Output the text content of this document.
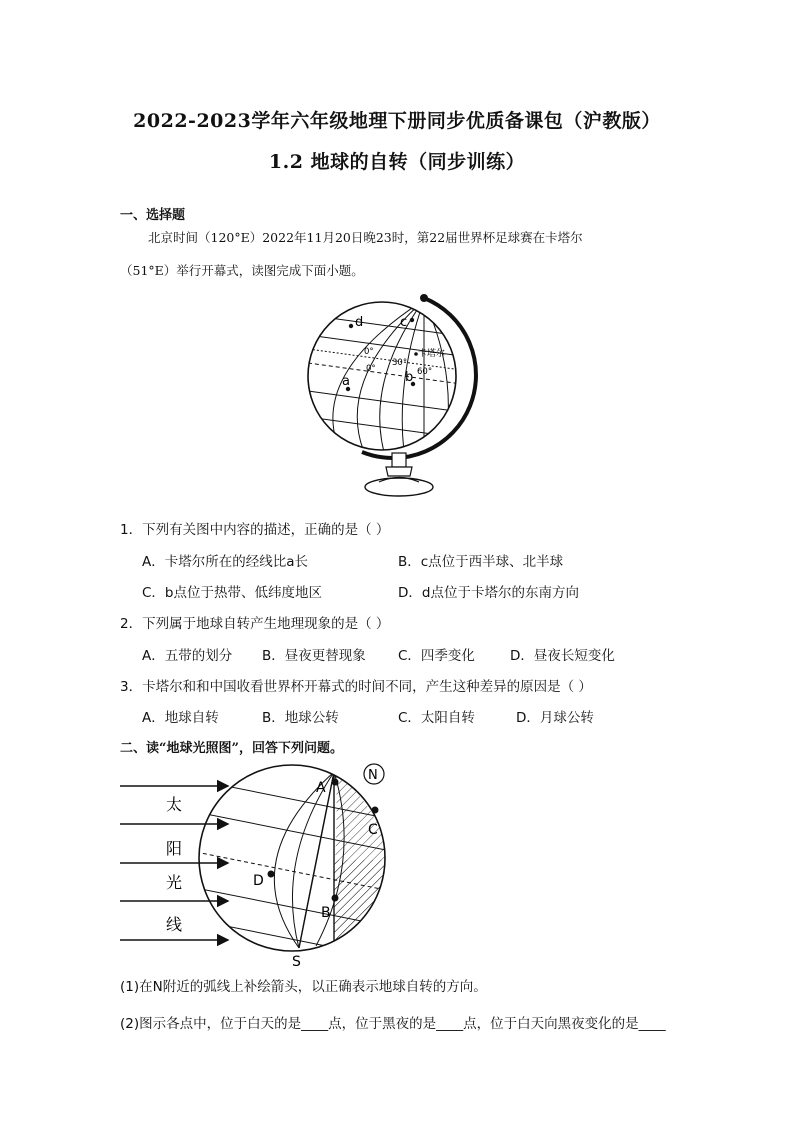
2022-2023学年六年级地理下册同步优质备课包（沪教版）
1.2 地球的自转（同步训练）
一、选择题
北京时间（120°E）2022年11月20日晚23时，第22届世界杯足球赛在卡塔尔
（51°E）举行开幕式，读图完成下面小题。
d	c
a	b
卡塔尔
0°
0°
30°
60°
1．下列有关图中内容的描述，正确的是（ ）
A．卡塔尔所在的经线比a长	B．c点位于西半球、北半球
C．b点位于热带、低纬度地区	D．d点位于卡塔尔的东南方向
2．下列属于地球自转产生地理现象的是（ ）
A．五带的划分 B．昼夜更替现象 C．四季变化	D．昼夜长短变化
3．卡塔尔和和中国收看世界杯开幕式的时间不同，产生这种差异的原因是（ ）
A．地球自转	B．地球公转	C．太阳自转	D．月球公转
二、读“地球光照图”，回答下列问题。
太
阳
光
线
N
A
C
D
B
S
(1)在N附近的弧线上补绘箭头，以正确表示地球自转的方向。
(2)图示各点中，位于白天的是____点，位于黑夜的是____点，位于白天向黑夜变化的是____
